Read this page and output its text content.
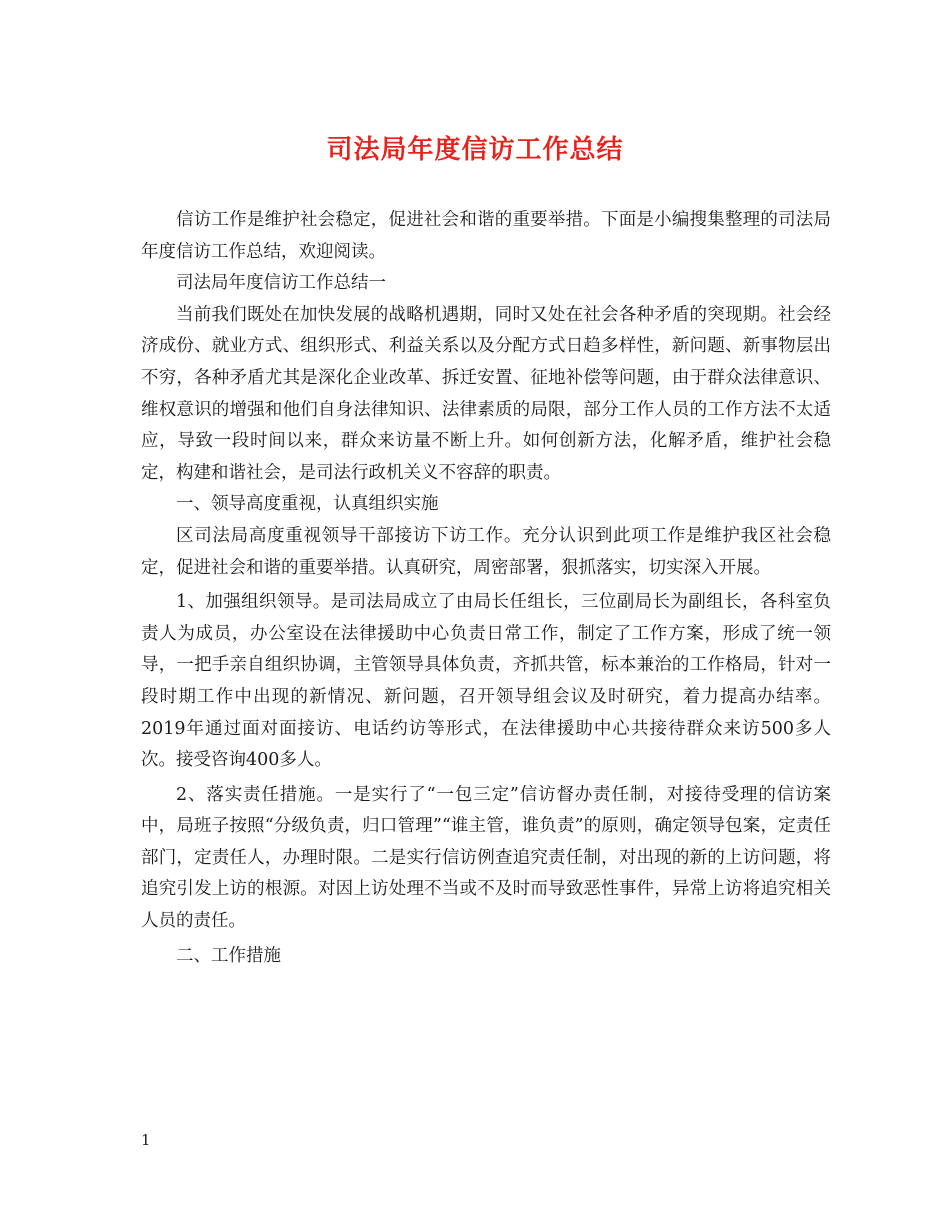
司法局年度信访工作总结

信访工作是维护社会稳定，促进社会和谐的重要举措。下面是小编搜集整理的司法局年度信访工作总结，欢迎阅读。

司法局年度信访工作总结一

当前我们既处在加快发展的战略机遇期，同时又处在社会各种矛盾的突现期。社会经济成份、就业方式、组织形式、利益关系以及分配方式日趋多样性，新问题、新事物层出不穷，各种矛盾尤其是深化企业改革、拆迁安置、征地补偿等问题，由于群众法律意识、维权意识的增强和他们自身法律知识、法律素质的局限，部分工作人员的工作方法不太适应，导致一段时间以来，群众来访量不断上升。如何创新方法，化解矛盾，维护社会稳定，构建和谐社会，是司法行政机关义不容辞的职责。

一、领导高度重视，认真组织实施

区司法局高度重视领导干部接访下访工作。充分认识到此项工作是维护我区社会稳定，促进社会和谐的重要举措。认真研究，周密部署，狠抓落实，切实深入开展。

1、加强组织领导。是司法局成立了由局长任组长，三位副局长为副组长，各科室负责人为成员，办公室设在法律援助中心负责日常工作，制定了工作方案，形成了统一领导，一把手亲自组织协调，主管领导具体负责，齐抓共管，标本兼治的工作格局，针对一段时期工作中出现的新情况、新问题，召开领导组会议及时研究，着力提高办结率。2019年通过面对面接访、电话约访等形式，在法律援助中心共接待群众来访500多人次。接受咨询400多人。

2、落实责任措施。一是实行了“一包三定”信访督办责任制，对接待受理的信访案中，局班子按照“分级负责，归口管理”“谁主管，谁负责”的原则，确定领导包案，定责任部门，定责任人，办理时限。二是实行信访例查追究责任制，对出现的新的上访问题，将追究引发上访的根源。对因上访处理不当或不及时而导致恶性事件，异常上访将追究相关人员的责任。

二、工作措施

1
